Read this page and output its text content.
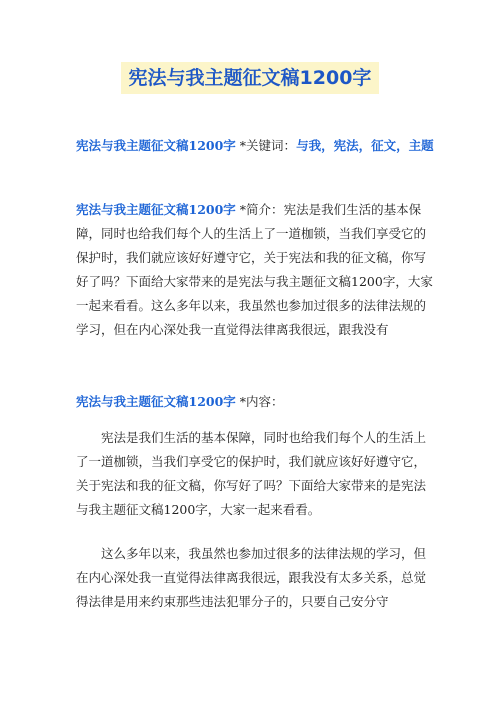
宪法与我主题征文稿1200字
宪法与我主题征文稿1200字 *关键词：与我，宪法，征文，主题
宪法与我主题征文稿1200字 *简介：宪法是我们生活的基本保障，同时也给我们每个人的生活上了一道枷锁，当我们享受它的保护时，我们就应该好好遵守它，关于宪法和我的征文稿，你写好了吗？下面给大家带来的是宪法与我主题征文稿1200字，大家一起来看看。这么多年以来，我虽然也参加过很多的法律法规的学习，但在内心深处我一直觉得法律离我很远，跟我没有
宪法与我主题征文稿1200字 *内容：
宪法是我们生活的基本保障，同时也给我们每个人的生活上了一道枷锁，当我们享受它的保护时，我们就应该好好遵守它，关于宪法和我的征文稿，你写好了吗？下面给大家带来的是宪法与我主题征文稿1200字，大家一起来看看。
这么多年以来，我虽然也参加过很多的法律法规的学习，但在内心深处我一直觉得法律离我很远，跟我没有太多关系，总觉得法律是用来约束那些违法犯罪分子的，只要自己安分守
